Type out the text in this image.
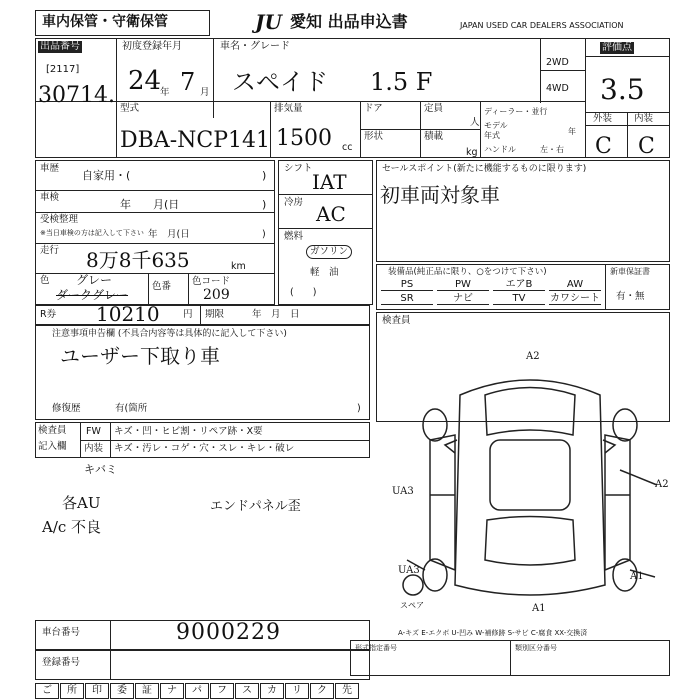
車内保管・守衛保管	JU 愛知 出品申込書	JAPAN USED CAR DEALERS ASSOCIATION
出品番号
[2117]
30714.
初度登録年月
24
年 7 月
車名・グレード
スペイド 1.5 F
2WD
4WD
評価点
3.5
外装 内装
C C
型式
DBA-NCP141
排気量
1500 cc
ドア	定員
人
形状	積載
kg
ディーラー・並行
モデル
年式	年
ハンドル	左・右
車歴
自家用・(	)
車検
年　　月(日	)
受検整理
※当日車検の方は記入して下さい 年　月(日	)
走行 8万8千635	km
色 グレー
ダークグレー
色番 色コード
209
R券 10210 円 期限	年　月　日
注意事項申告欄 (不具合内容等は具体的に記入して下さい)
ユーザー下取り車
修復歴	有(箇所	)
シフト
IAT
冷房 AC
燃料
ガソリン
軽　油
(　　)
セールスポイント(新たに機能するものに限ります)
初車両対象車
装備品(純正品に限り、○をつけて下さい)
PS	PW	エアB	AW
SR	ナビ	TV	カワシート
新車保証書
有・無
検査員
検査員
記入欄
FW キズ・凹・ヒビ割・リペア跡・X要
内装 キズ・汚レ・コゲ・穴・スレ・キレ・破レ
キバミ
各AU	エンドパネル歪
A/c 不良
A2
A2
UA3
UA3
A1
A1
スペア
車台番号	9000229
登録番号
A-キズ E-エクボ U-凹み W-補修跡 S-サビ C-腐食 XX-交換済
形式指定番号	類別区分番号
ご	所	印	委	証	ナ	パ	フ	ス	カ	リ	ク	先
